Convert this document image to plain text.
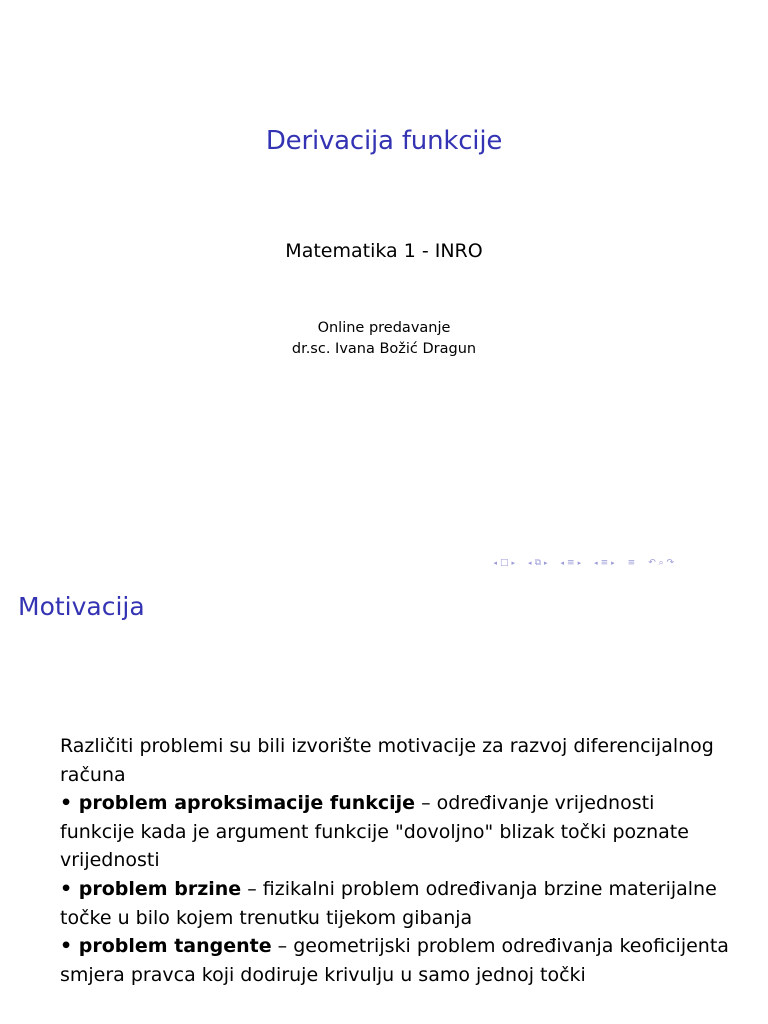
Derivacija funkcije
Matematika 1 - INRO
Online predavanje
dr.sc. Ivana Božić Dragun
◂ □ ▸ ◂ ⧉ ▸ ◂ ≡ ▸ ◂ ≡ ▸ ≡ ↶ ⌕ ↷
Motivacija

Različiti problemi su bili izvorište motivacije za razvoj diferencijalnog računa

• problem aproksimacije funkcije – određivanje vrijednosti funkcije kada je argument funkcije "dovoljno" blizak točki poznate vrijednosti

• problem brzine – fizikalni problem određivanja brzine materijalne točke u bilo kojem trenutku tijekom gibanja

• problem tangente – geometrijski problem određivanja keoficijenta smjera pravca koji dodiruje krivulju u samo jednoj točki
